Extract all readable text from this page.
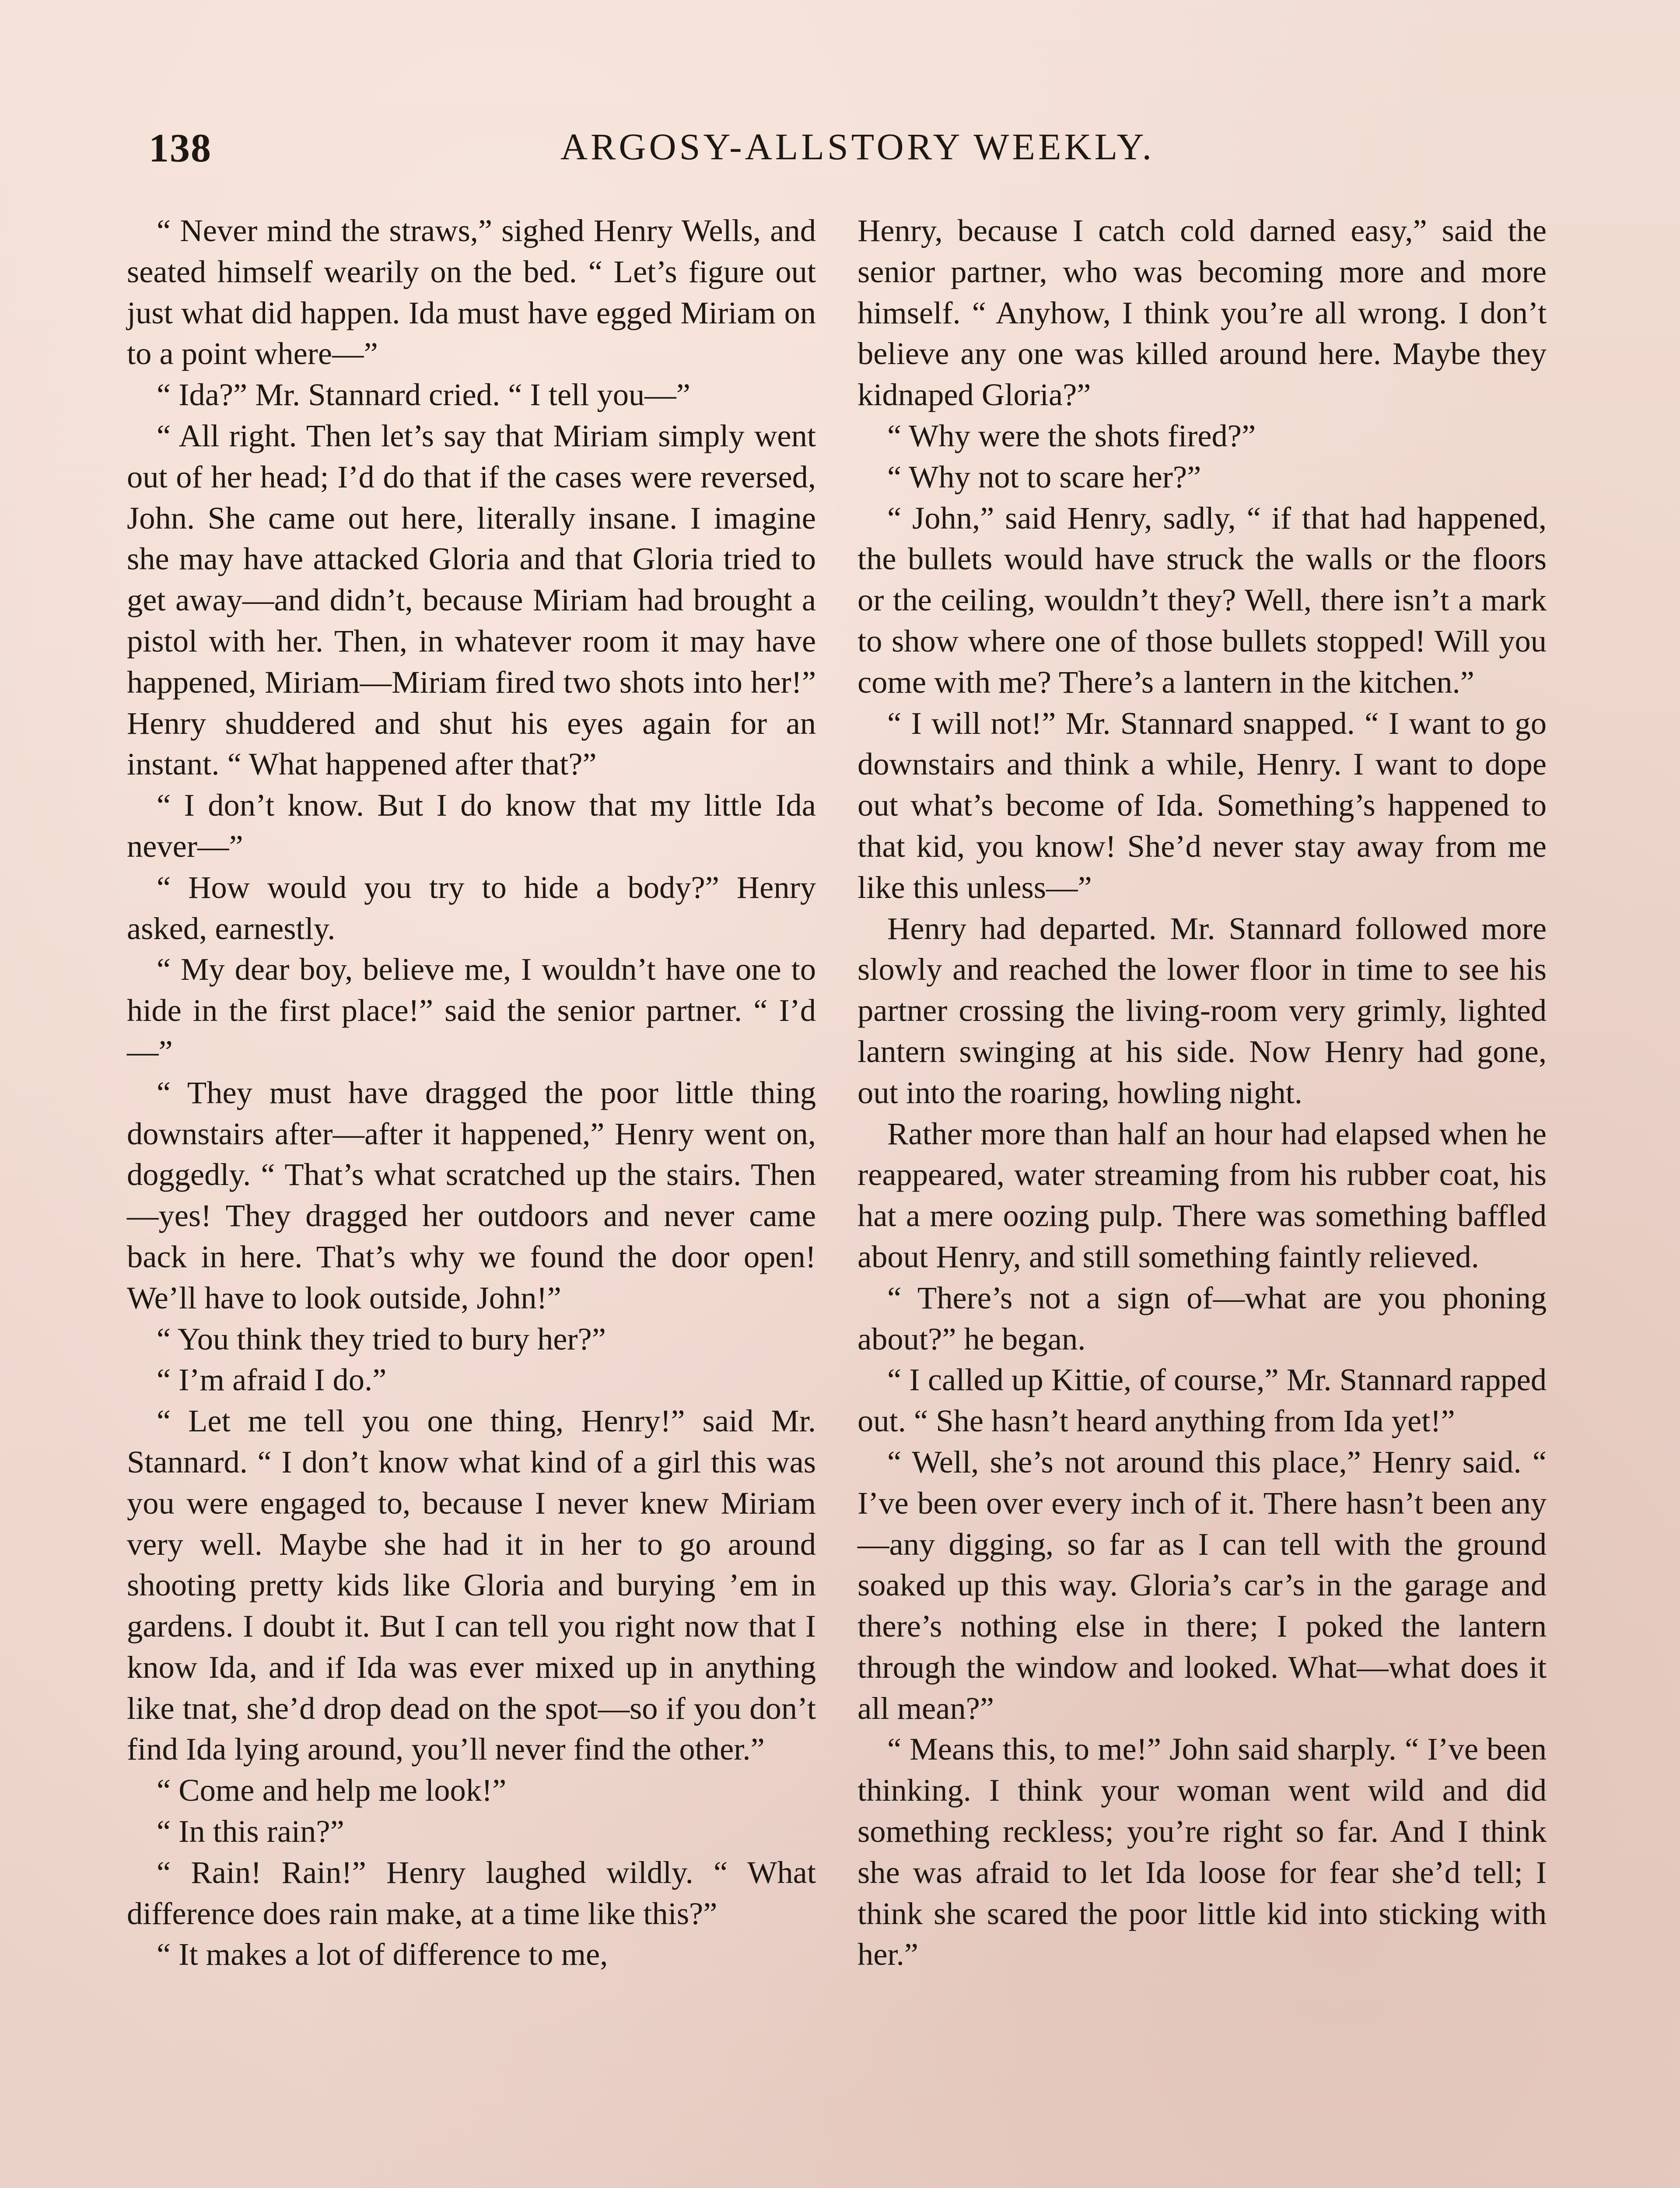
138	ARGOSY-ALLSTORY WEEKLY.

“ Never mind the straws,” sighed Henry Wells, and seated himself wearily on the bed. “ Let’s figure out just what did happen. Ida must have egged Miriam on to a point where—”

“ Ida?” Mr. Stannard cried. “ I tell you—”

“ All right. Then let’s say that Miriam simply went out of her head; I’d do that if the cases were reversed, John. She came out here, literally insane. I imagine she may have attacked Gloria and that Gloria tried to get away—and didn’t, because Miriam had brought a pistol with her. Then, in whatever room it may have happened, Miriam—Miriam fired two shots into her!” Henry shuddered and shut his eyes again for an instant. “ What happened after that?”

“ I don’t know. But I do know that my little Ida never—”

“ How would you try to hide a body?” Henry asked, earnestly.

“ My dear boy, believe me, I wouldn’t have one to hide in the first place!” said the senior partner. “ I’d—”

“ They must have dragged the poor little thing downstairs after—after it happened,” Henry went on, doggedly. “ That’s what scratched up the stairs. Then—yes! They dragged her outdoors and never came back in here. That’s why we found the door open! We’ll have to look outside, John!”

“ You think they tried to bury her?”

“ I’m afraid I do.”

“ Let me tell you one thing, Henry!” said Mr. Stannard. “ I don’t know what kind of a girl this was you were engaged to, because I never knew Miriam very well. Maybe she had it in her to go around shooting pretty kids like Gloria and burying ’em in gardens. I doubt it. But I can tell you right now that I know Ida, and if Ida was ever mixed up in anything like tnat, she’d drop dead on the spot—so if you don’t find Ida lying around, you’ll never find the other.”

“ Come and help me look!”

“ In this rain?”

“ Rain! Rain!” Henry laughed wildly. “ What difference does rain make, at a time like this?”

“ It makes a lot of difference to me,

Henry, because I catch cold darned easy,” said the senior partner, who was becoming more and more himself. “ Anyhow, I think you’re all wrong. I don’t believe any one was killed around here. Maybe they kidnaped Gloria?”

“ Why were the shots fired?”

“ Why not to scare her?”

“ John,” said Henry, sadly, “ if that had happened, the bullets would have struck the walls or the floors or the ceiling, wouldn’t they? Well, there isn’t a mark to show where one of those bullets stopped! Will you come with me? There’s a lantern in the kitchen.”

“ I will not!” Mr. Stannard snapped. “ I want to go downstairs and think a while, Henry. I want to dope out what’s become of Ida. Something’s happened to that kid, you know! She’d never stay away from me like this unless—”

Henry had departed. Mr. Stannard followed more slowly and reached the lower floor in time to see his partner crossing the living-room very grimly, lighted lantern swinging at his side. Now Henry had gone, out into the roaring, howling night.

Rather more than half an hour had elapsed when he reappeared, water streaming from his rubber coat, his hat a mere oozing pulp. There was something baffled about Henry, and still something faintly relieved.

“ There’s not a sign of—what are you phoning about?” he began.

“ I called up Kittie, of course,” Mr. Stannard rapped out. “ She hasn’t heard anything from Ida yet!”

“ Well, she’s not around this place,” Henry said. “ I’ve been over every inch of it. There hasn’t been any—any digging, so far as I can tell with the ground soaked up this way. Gloria’s car’s in the garage and there’s nothing else in there; I poked the lantern through the window and looked. What—what does it all mean?”

“ Means this, to me!” John said sharply. “ I’ve been thinking. I think your woman went wild and did something reckless; you’re right so far. And I think she was afraid to let Ida loose for fear she’d tell; I think she scared the poor little kid into sticking with her.”
